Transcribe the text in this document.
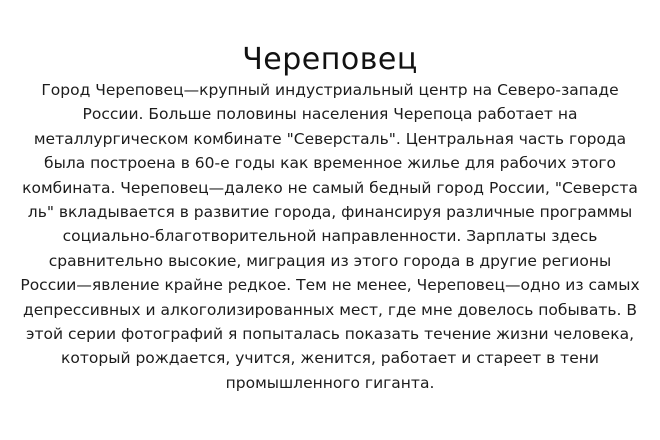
Череповец

Город Череповец—крупный индустриальный центр на Северо-западе
России. Больше половины населения Черепоца работает на
металлургическом комбинате "Северсталь". Центральная часть города
была построена в 60-е годы как временное жилье для рабочих этого
комбината. Череповец—далеко не самый бедный город России, "Северста
ль" вкладывается в развитие города, финансируя различные программы
социально-благотворительной направленности. Зарплаты здесь
сравнительно высокие, миграция из этого города в другие регионы
России—явление крайне редкое. Тем не менее, Череповец—одно из самых
депрессивных и алкоголизированных мест, где мне довелось побывать. В
этой серии фотографий я попыталась показать течение жизни человека,
который рождается, учится, женится, работает и стареет в тени
промышленного гиганта.
